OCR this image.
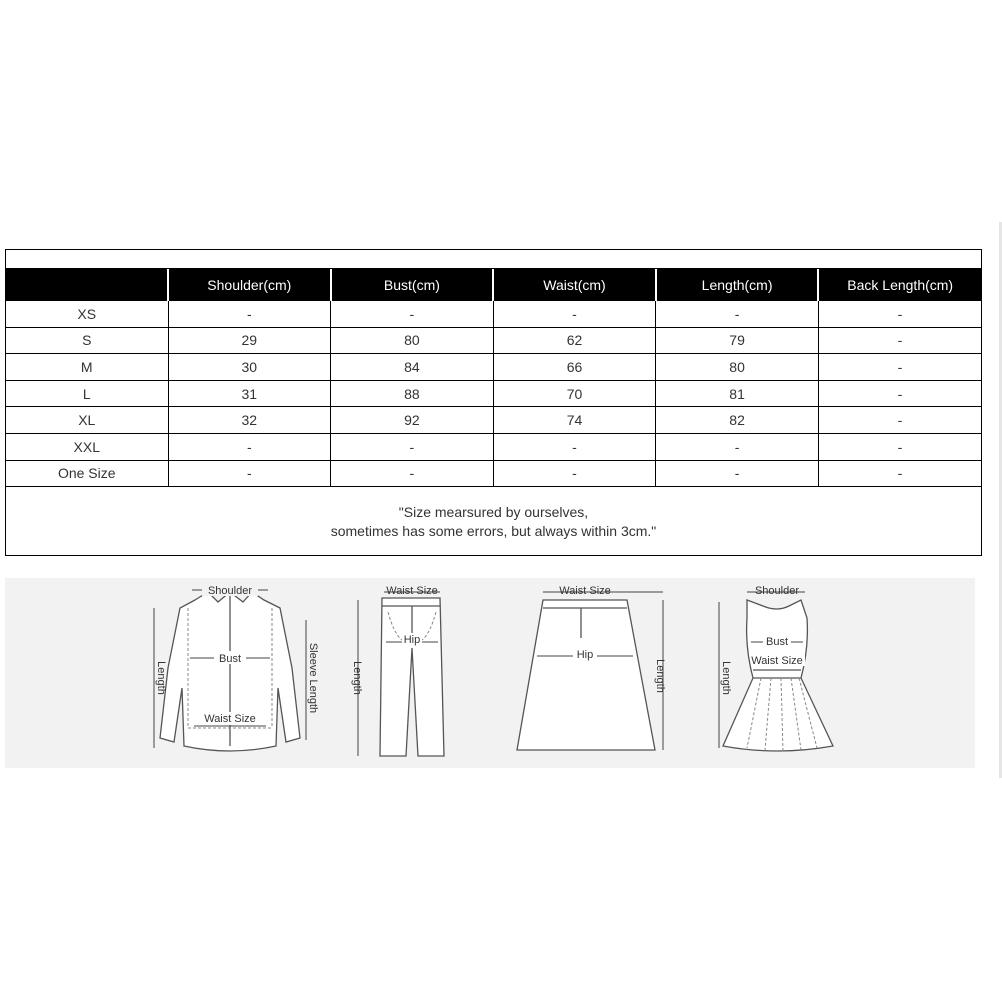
	Shoulder(cm)	Bust(cm)	Waist(cm)	Length(cm)	Back Length(cm)
XS	-	-	-	-	-
S	29	80	62	79	-
M	30	84	66	80	-
L	31	88	70	81	-
XL	32	92	74	82	-
XXL	-	-	-	-	-
One Size	-	-	-	-	-
"Size mearsured by ourselves,
sometimes has some errors, but always within 3cm."
Shoulder
Bust
Waist Size
Length	Sleeve Length
Waist Size
Hip
Length
Waist Size
Hip
Length
Shoulder
Bust
Waist Size
Length
